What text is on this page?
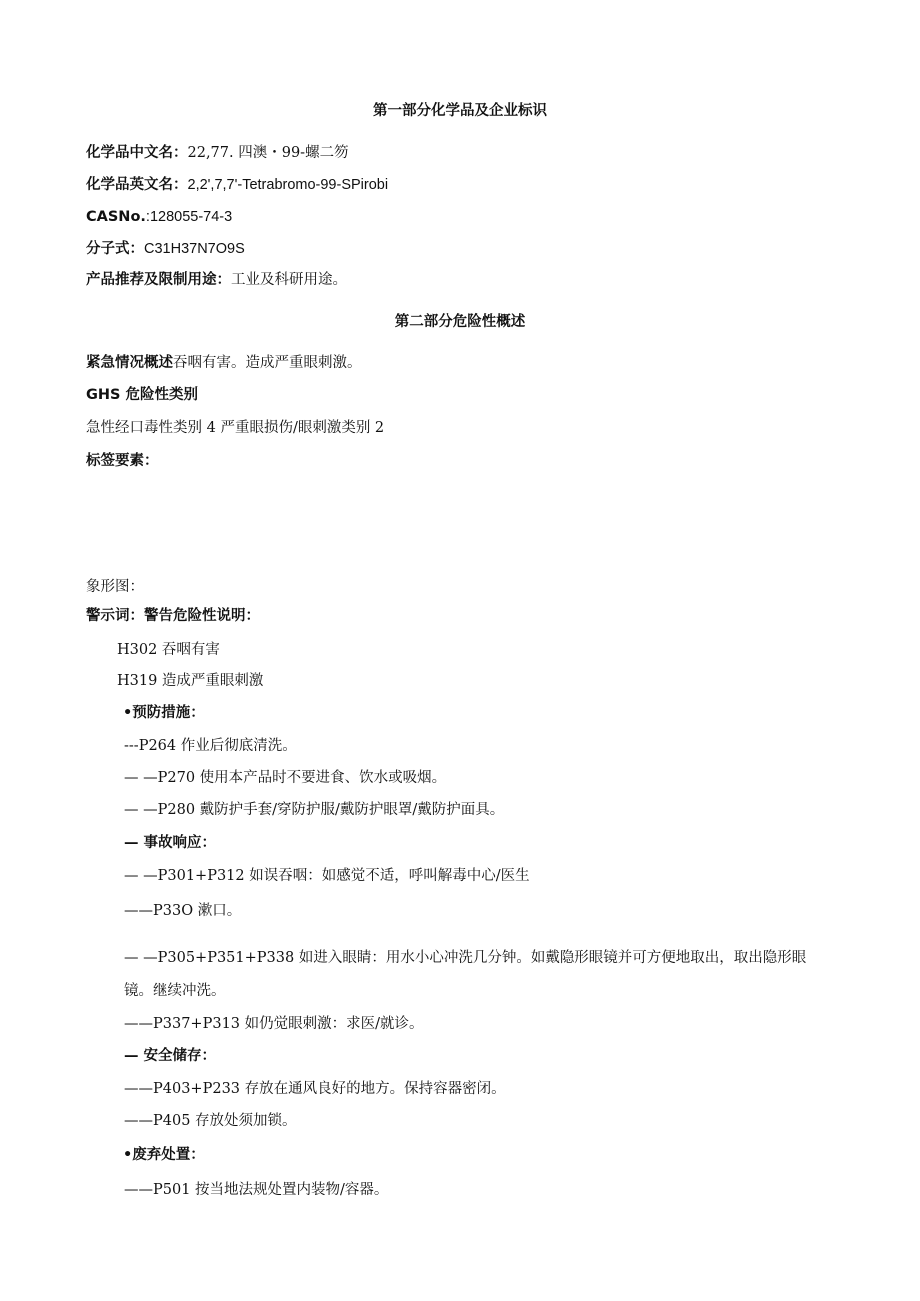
第一部分化学品及企业标识
化学品中文名：22,77. 四澳・99-螺二笏
化学品英文名：2,2',7,7'-Tetrabromo-99-SPirobi
CASNo.:128055-74-3
分子式：C31H37N7O9S
产品推荐及限制用途：工业及科研用途。
第二部分危险性概述
紧急情况概述吞咽有害。造成严重眼刺激。
GHS 危险性类别
急性经口毒性类别 4 严重眼损伤/眼刺激类别 2
标签要素：
象形图：
警示词：警告危险性说明：
H302 吞咽有害
H319 造成严重眼刺激
•预防措施：
---P264 作业后彻底清洗。
— —P270 使用本产品时不要进食、饮水或吸烟。
— —P280 戴防护手套/穿防护服/戴防护眼罩/戴防护面具。
— 事故响应：
— —P301+P312 如误吞咽：如感觉不适，呼叫解毒中心/医生
——P33O 漱口。
— —P305+P351+P338 如进入眼睛：用水小心冲洗几分钟。如戴隐形眼镜并可方便地取出，取出隐形眼
镜。继续冲洗。
——P337+P313 如仍觉眼刺激：求医/就诊。
— 安全储存：
——P403+P233 存放在通风良好的地方。保持容器密闭。
——P405 存放处须加锁。
•废弃处置：
——P501 按当地法规处置内装物/容器。
